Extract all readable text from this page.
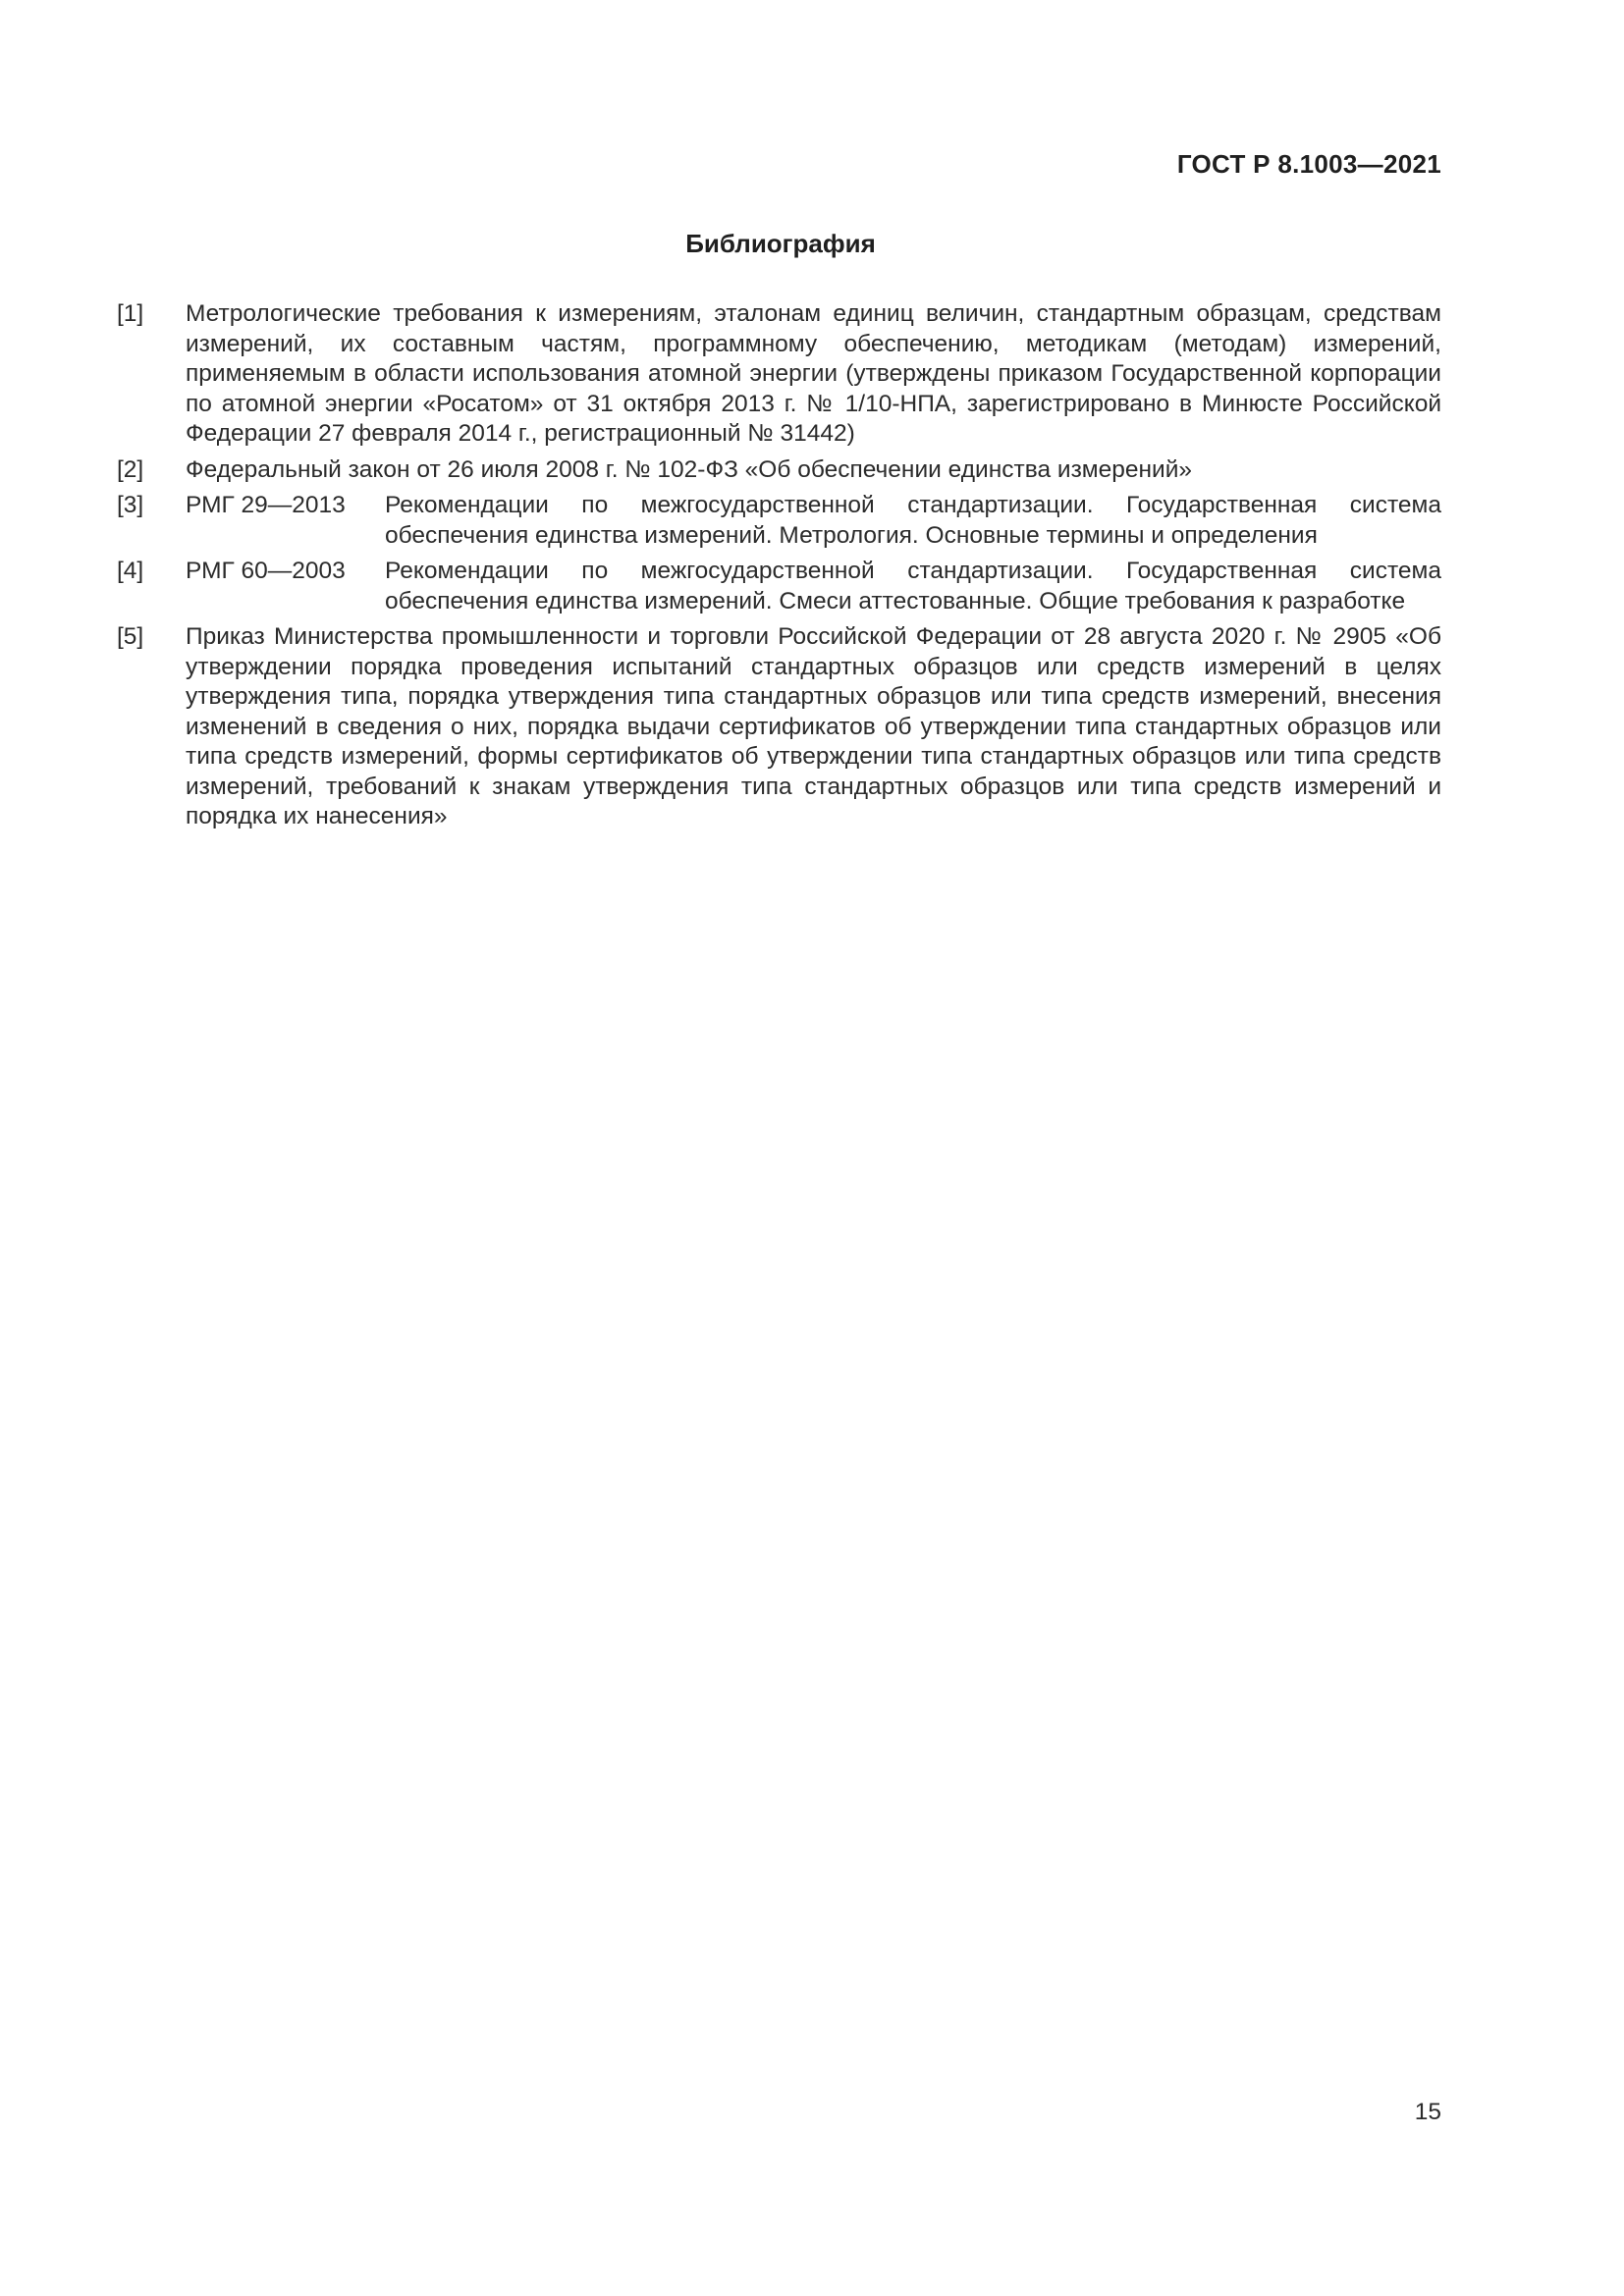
ГОСТ Р 8.1003—2021
Библиография
[1]	Метрологические требования к измерениям, эталонам единиц величин, стандартным образцам, средствам измерений, их составным частям, программному обеспечению, методикам (методам) измерений, применяемым в области использования атомной энергии (утверждены приказом Государственной корпорации по атомной энергии «Росатом» от 31 октября 2013 г. № 1/10-НПА, зарегистрировано в Минюсте Российской Федерации 27 февраля 2014 г., регистрационный № 31442)
[2]	Федеральный закон от 26 июля 2008 г. № 102-ФЗ «Об обеспечении единства измерений»
[3]	РМГ 29—2013	Рекомендации по межгосударственной стандартизации. Государственная система обеспечения единства измерений. Метрология. Основные термины и определения
[4]	РМГ 60—2003	Рекомендации по межгосударственной стандартизации. Государственная система обеспечения единства измерений. Смеси аттестованные. Общие требования к разработке
[5]	Приказ Министерства промышленности и торговли Российской Федерации от 28 августа 2020 г. № 2905 «Об утверждении порядка проведения испытаний стандартных образцов или средств измерений в целях утверждения типа, порядка утверждения типа стандартных образцов или типа средств измерений, внесения изменений в сведения о них, порядка выдачи сертификатов об утверждении типа стандартных образцов или типа средств измерений, формы сертификатов об утверждении типа стандартных образцов или типа средств измерений, требований к знакам утверждения типа стандартных образцов или типа средств измерений и порядка их нанесения»
15
